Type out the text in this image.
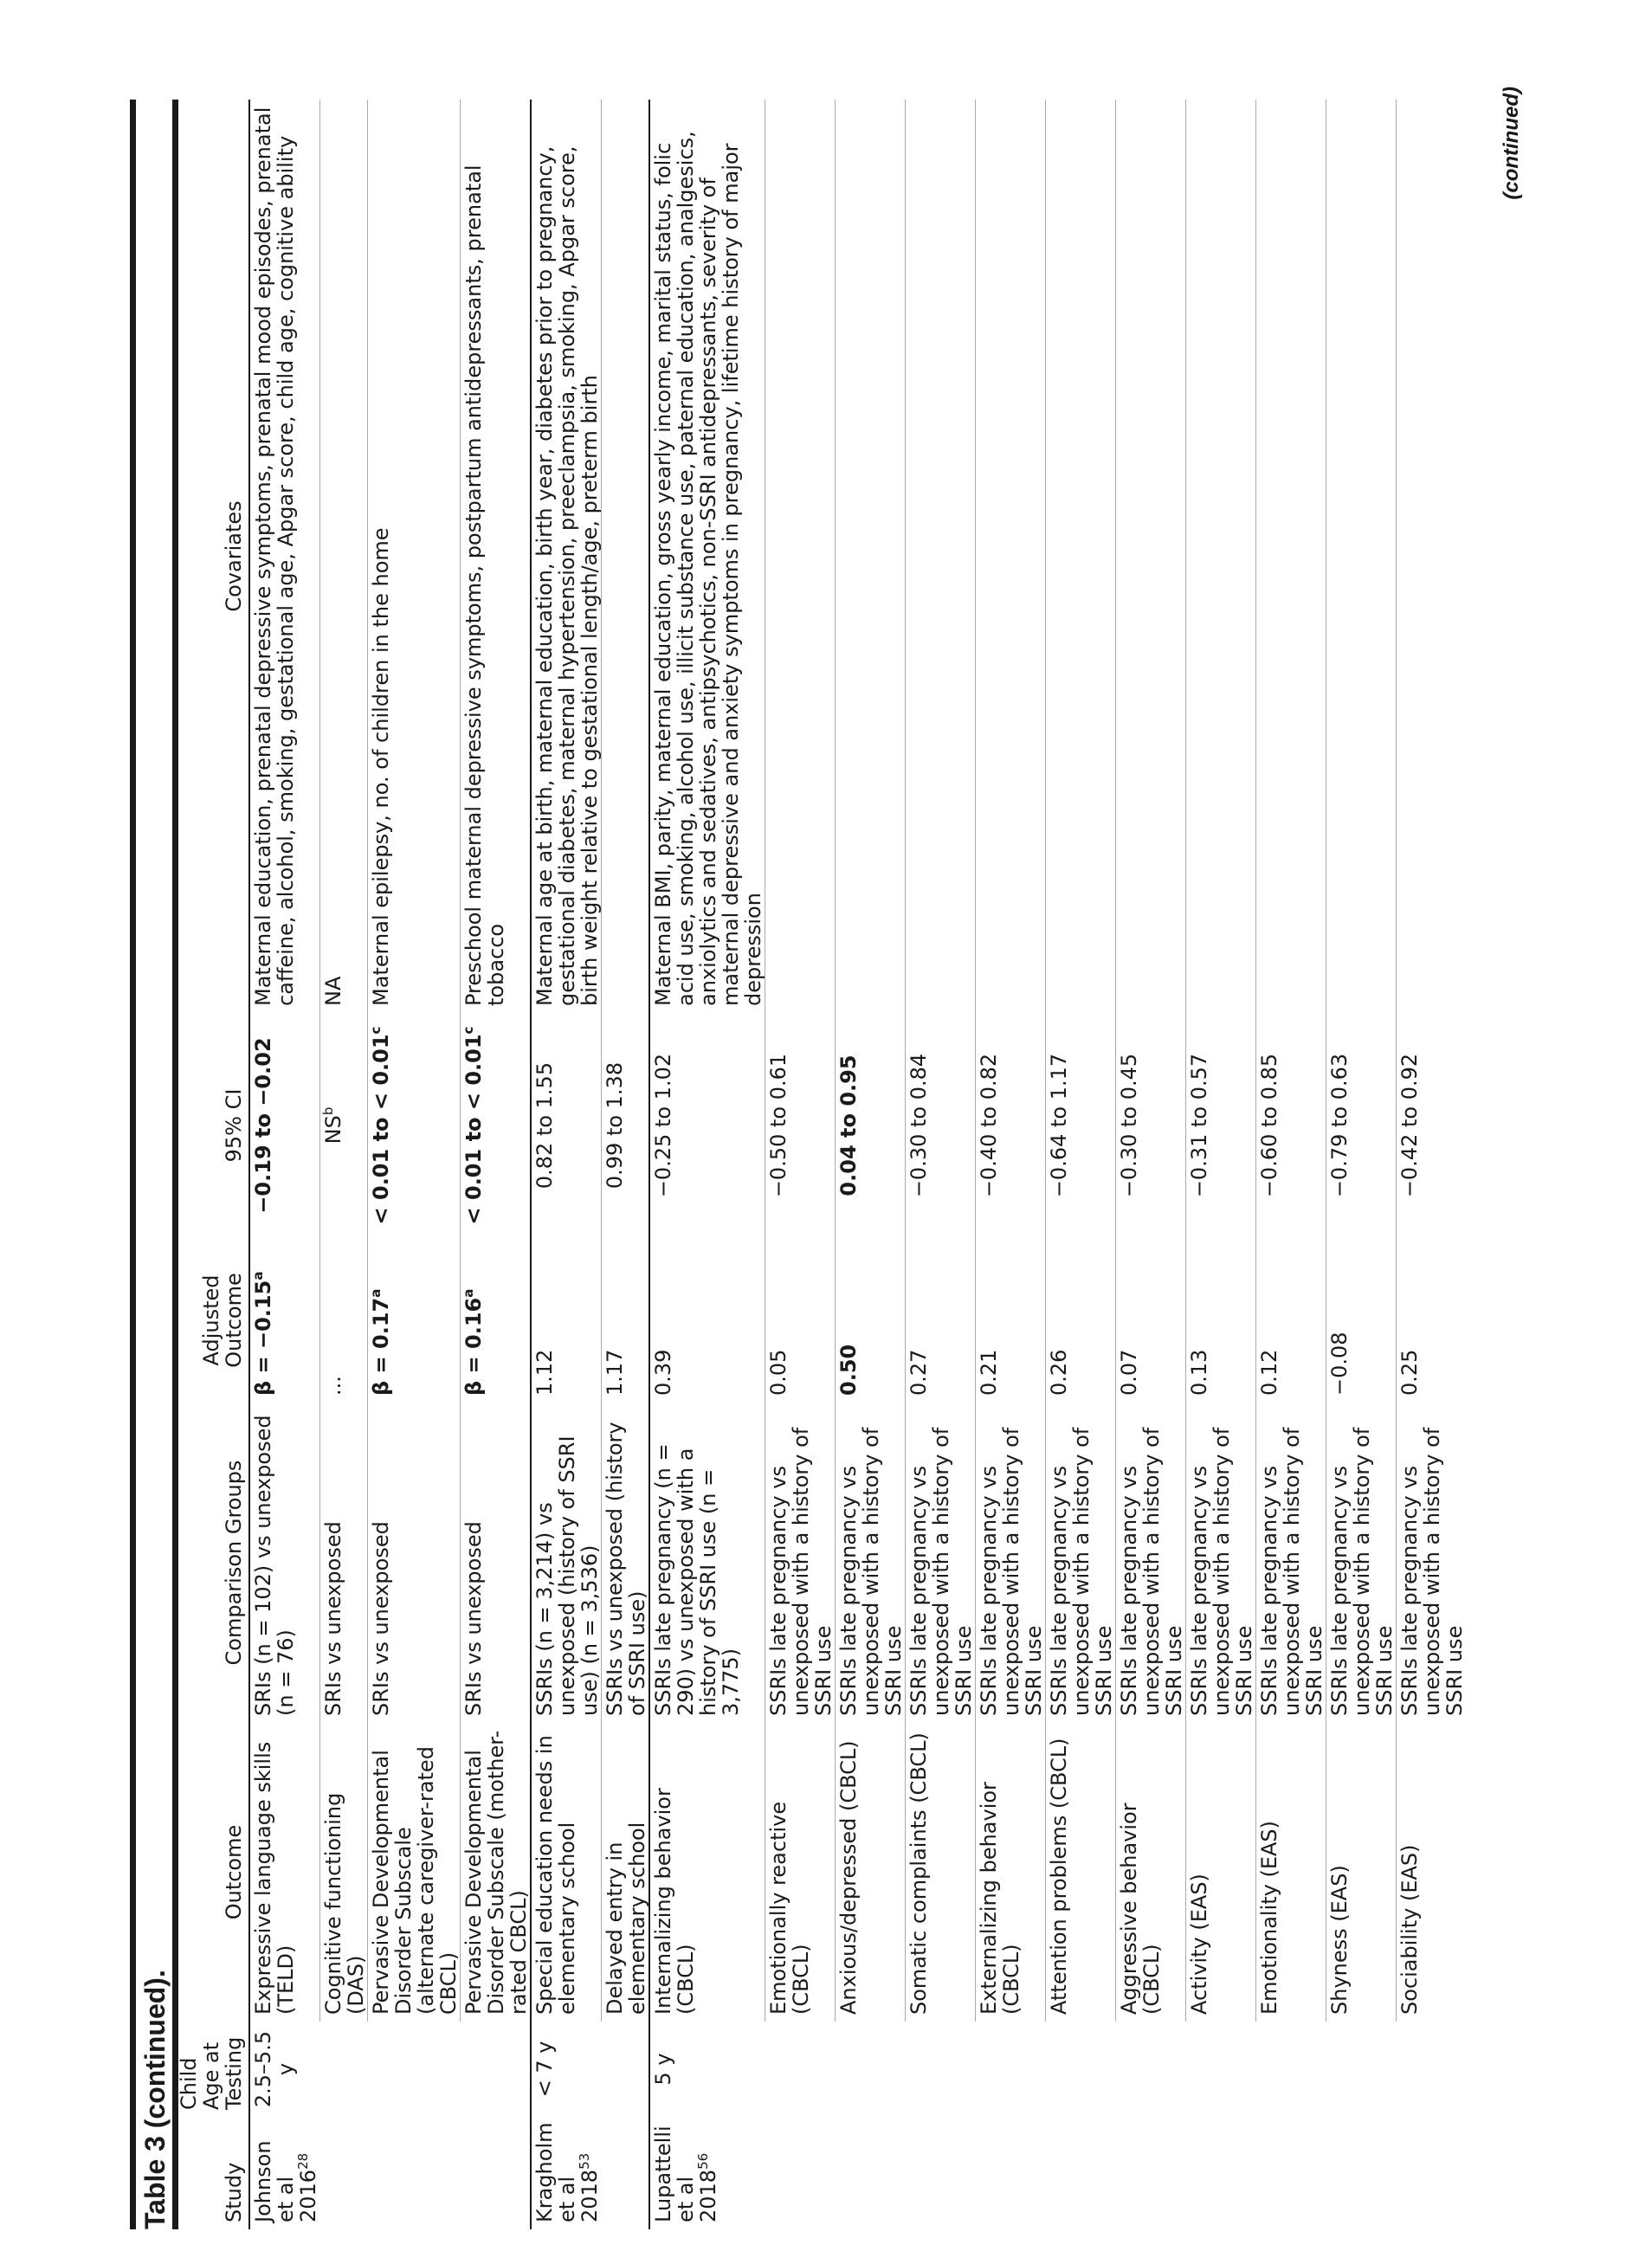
Table 3 (continued). Study	Child Age at Testing	Outcome	Comparison Groups	Adjusted Outcome	95% CI	Covariates
Johnson et al 2016$^{28}$	2.5–5.5 y	Expressive language skills (TELD)	SRIs (n = 102) vs unexposed (n = 76)	β = −0.15$^a$	−0.19 to −0.02	Maternal education, prenatal depressive symptoms, prenatal mood episodes, prenatal caffeine, alcohol, smoking, gestational age, Apgar score, child age, cognitive ability
		Cognitive functioning (DAS)	SRIs vs unexposed	...	$NS^b$	NA
		Pervasive Developmental Disorder Subscale (alternate caregiver-rated CBCL)	SRIs vs unexposed	β = 0.17$^a$	< 0.01 to < 0.01$^c$	Maternal epilepsy, no. of children in the home
		Pervasive Developmental Disorder Subscale (mother-rated CBCL)	SRIs vs unexposed	β = 0.16$^a$	< 0.01 to < 0.01$^c$	Preschool maternal depressive symptoms, postpartum antidepressants, prenatal tobacco
Kragholm et al $2018^{53}$	< 7 y	Special education needs in elementary school	SSRIs (n = 3,214) vs unexposed (history of SSRI use) (n = 3,536)	1.12	0.82 to 1.55	Maternal age at birth, maternal education, birth year, diabetes prior to pregnancy, gestational diabetes, maternal hypertension, preeclampsia, smoking, Apgar score, birth weight relative to gestational length/age, preterm birth
		Delayed entry in elementary school	SSRIs vs unexposed (history of SSRI use)	1.17	0.99 to 1.38	
Lupattelli et al 2018$^{56}$	5 y	Internalizing behavior (CBCL)	SSRIs late pregnancy (n = 290) vs unexposed with a history of SSRI use (n = 3,775)	0.39	−0.25 to 1.02	Maternal BMI, parity, maternal education, gross yearly income, marital status, folic acid use, smoking, alcohol use, illicit substance use, paternal education, analgesics, anxiolytics and sedatives, antipsychotics, non-SSRI antidepressants, severity of maternal depressive and anxiety symptoms in pregnancy, lifetime history of major depression
		Emotionally reactive (CBCL)	SSRIs late pregnancy vs unexposed with a history of SSRI use	0.05	−0.50 to 0.61	
		Anxious/depressed (CBCL)	SSRIs late pregnancy vs unexposed with a history of SSRI use	0.50	0.04 to 0.95	
		Somatic complaints (CBCL)	SSRIs late pregnancy vs unexposed with a history of SSRI use	0.27	−0.30 to 0.84	
		Externalizing behavior (CBCL)	SSRIs late pregnancy vs unexposed with a history of SSRI use	0.21	−0.40 to 0.82	
		Attention problems (CBCL)	SSRIs late pregnancy vs unexposed with a history of SSRI use	0.26	−0.64 to 1.17	
		Aggressive behavior (CBCL)	SSRIs late pregnancy vs unexposed with a history of SSRI use	0.07	−0.30 to 0.45	
		Activity (EAS)	SSRIs late pregnancy vs unexposed with a history of SSRI use	0.13	−0.31 to 0.57	
		Emotionality (EAS)	SSRIs late pregnancy vs unexposed with a history of SSRI use	0.12	−0.60 to 0.85	
		Shyness (EAS)	SSRIs late pregnancy vs unexposed with a history of SSRI use	−0.08	−0.79 to 0.63	
		Sociability (EAS)	SSRIs late pregnancy vs unexposed with a history of SSRI use	0.25	−0.42 to 0.92	
(continued)
